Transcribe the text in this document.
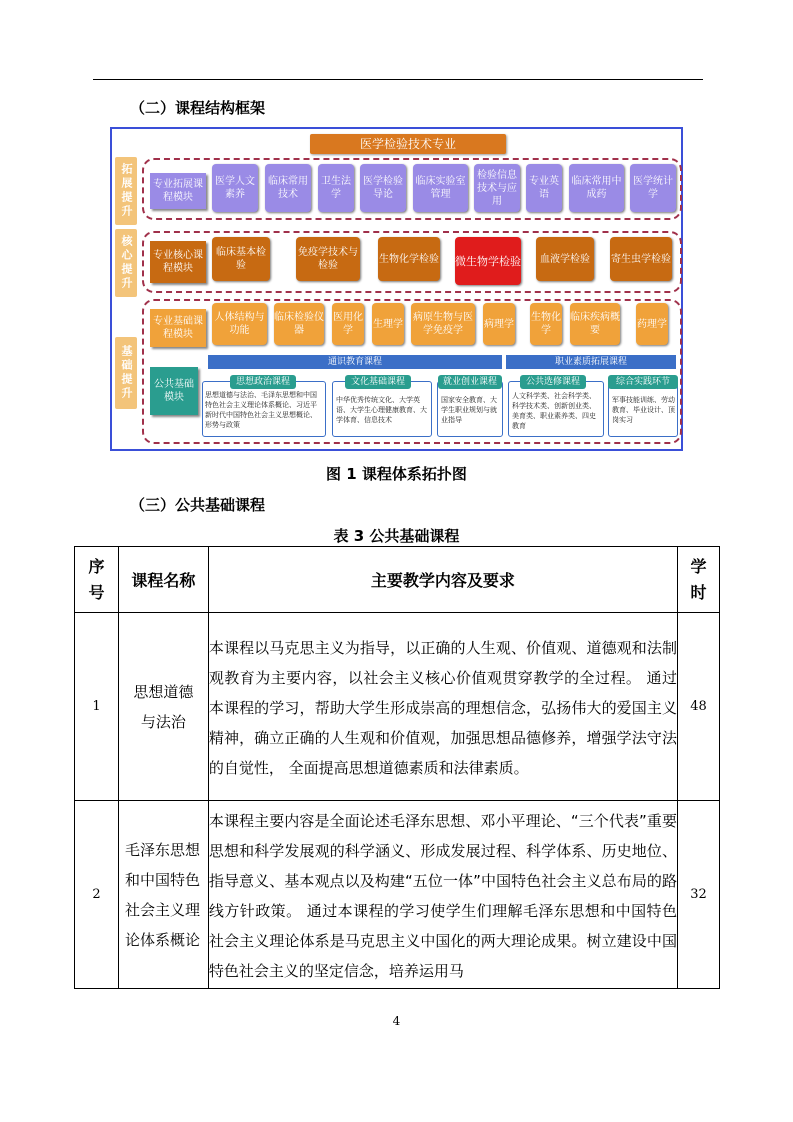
（二）课程结构框架
医学检验技术专业
拓展提升	专业拓展课程模块
医学人文素养
临床常用技术
卫生法学
医学检验导论
临床实验室管理
检验信息技术与应用
专业英语
临床常用中成药
医学统计学
核心提升	专业核心课程模块
临床基本检验
免疫学技术与检验
生物化学检验 微生物学检验	血液学检验	寄生虫学检验
基础提升
专业基础课程模块
人体结构与功能
临床检验仪器
医用化学
生理学
病原生物与医学免疫学
病理学
生物化学
临床疾病概要
药理学
公共基础模块
通识教育课程	职业素质拓展课程
思想政治课程
思想道德与法治、毛泽东思想和中国特色社会主义理论体系概论、习近平新时代中国特色社会主义思想概论、形势与政策
文化基础课程
中华优秀传统文化、大学英语、大学生心理健康教育、大学体育、信息技术
就业创业课程
国家安全教育、大学生职业规划与就业指导
公共选修课程
人文科学类、社会科学类、科学技术类、创新创业类、美育类、职业素养类、四史教育
综合实践环节
军事技能训练、劳动教育、毕业设计、顶岗实习
图 1 课程体系拓扑图
（三）公共基础课程
表 3 公共基础课程
序号	课程名称	主要教学内容及要求	学时
1	思想道德与法治	本课程以马克思主义为指导，以正确的人生观、价值观、道德观和法制观教育为主要内容，以社会主义核心价值观贯穿教学的全过程。 通过本课程的学习，帮助大学生形成崇高的理想信念，弘扬伟大的爱国主义精神，确立正确的人生观和价值观，加强思想品德修养，增强学法守法的自觉性， 全面提高思想道德素质和法律素质。	48
2	毛泽东思想和中国特色社会主义理论体系概论	本课程主要内容是全面论述毛泽东思想、邓小平理论、“三个代表”重要思想和科学发展观的科学涵义、形成发展过程、科学体系、历史地位、指导意义、基本观点以及构建“五位一体”中国特色社会主义总布局的路线方针政策。 通过本课程的学习使学生们理解毛泽东思想和中国特色社会主义理论体系是马克思主义中国化的两大理论成果。树立建设中国特色社会主义的坚定信念，培养运用马	32
4
